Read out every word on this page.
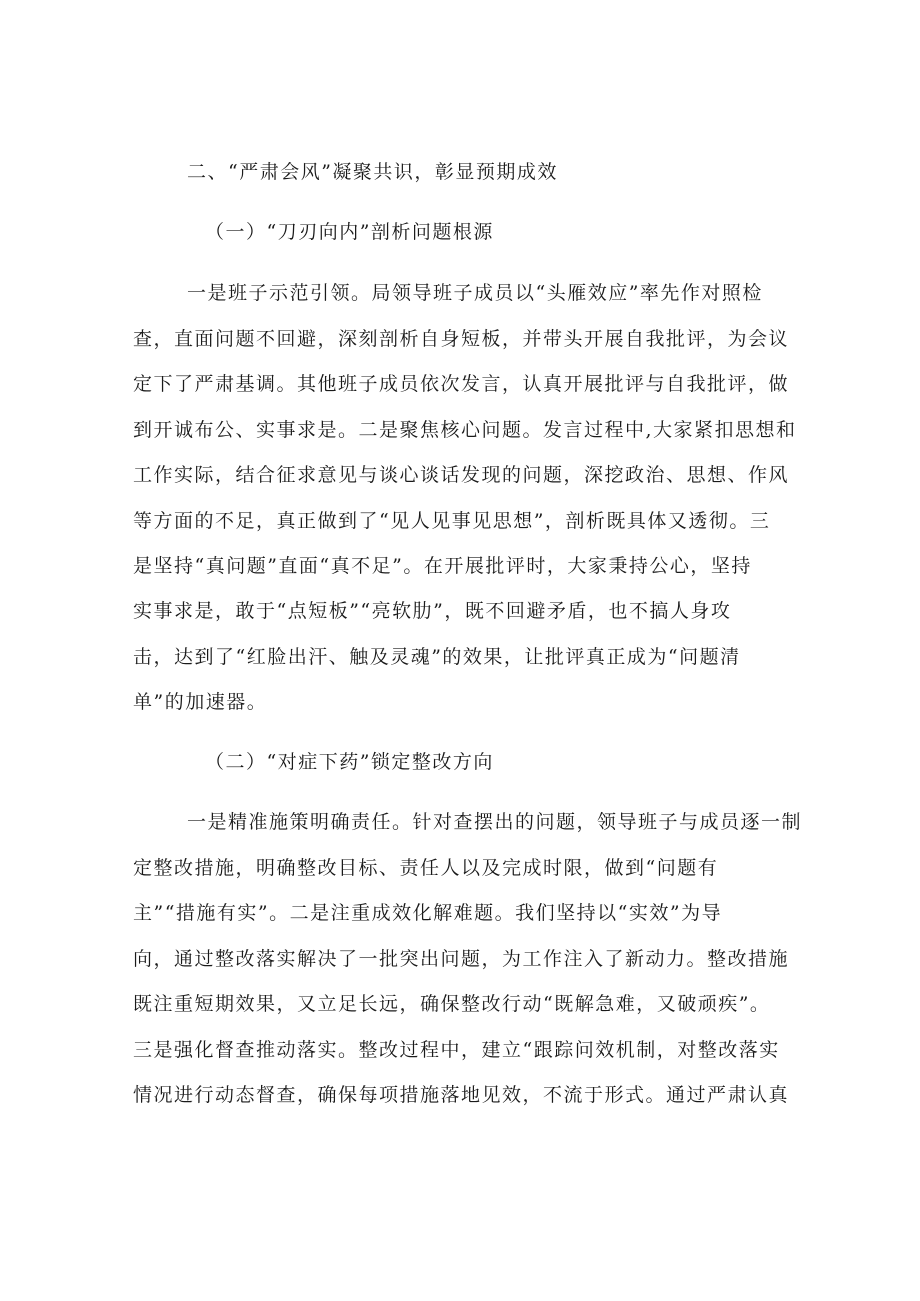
二、“严肃会风”凝聚共识，彰显预期成效
（一）“刀刃向内”剖析问题根源
一是班子示范引领。局领导班子成员以“头雁效应”率先作对照检
查，直面问题不回避，深刻剖析自身短板，并带头开展自我批评，为会议
定下了严肃基调。其他班子成员依次发言，认真开展批评与自我批评，做
到开诚布公、实事求是。二是聚焦核心问题。发言过程中,大家紧扣思想和
工作实际，结合征求意见与谈心谈话发现的问题，深挖政治、思想、作风
等方面的不足，真正做到了“见人见事见思想”，剖析既具体又透彻。三
是坚持“真问题”直面“真不足”。在开展批评时，大家秉持公心，坚持
实事求是，敢于“点短板”“亮软肋”，既不回避矛盾，也不搞人身攻
击，达到了“红脸出汗、触及灵魂”的效果，让批评真正成为“问题清
单”的加速器。
（二）“对症下药”锁定整改方向
一是精准施策明确责任。针对查摆出的问题，领导班子与成员逐一制
定整改措施，明确整改目标、责任人以及完成时限，做到“问题有
主”“措施有实”。二是注重成效化解难题。我们坚持以“实效”为导
向，通过整改落实解决了一批突出问题，为工作注入了新动力。整改措施
既注重短期效果，又立足长远，确保整改行动“既解急难，又破顽疾”。
三是强化督查推动落实。整改过程中，建立“跟踪问效机制，对整改落实
情况进行动态督查，确保每项措施落地见效，不流于形式。通过严肃认真
